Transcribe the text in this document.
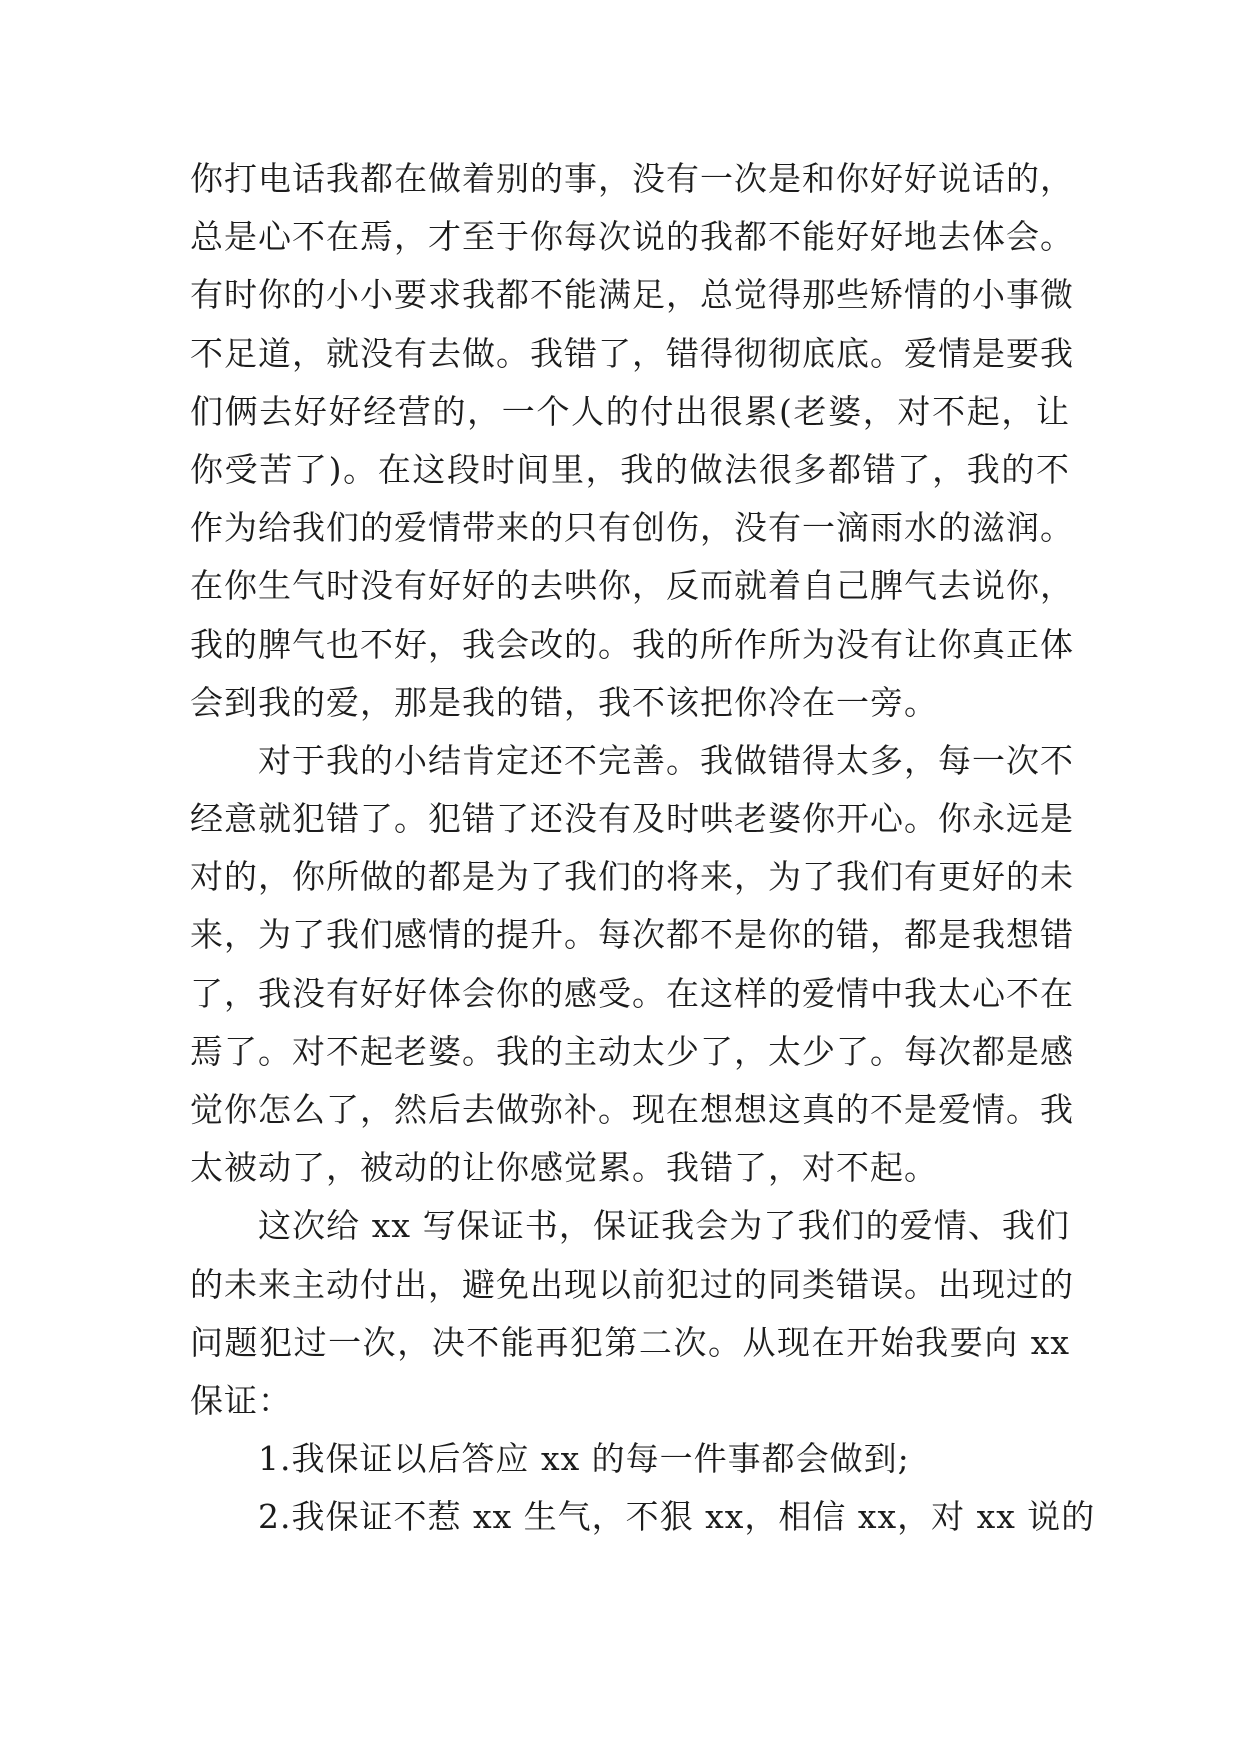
你打电话我都在做着别的事，没有一次是和你好好说话的，
总是心不在焉，才至于你每次说的我都不能好好地去体会。
有时你的小小要求我都不能满足，总觉得那些矫情的小事微
不足道，就没有去做。我错了，错得彻彻底底。爱情是要我
们俩去好好经营的，一个人的付出很累(老婆，对不起，让
你受苦了)。在这段时间里，我的做法很多都错了，我的不
作为给我们的爱情带来的只有创伤，没有一滴雨水的滋润。
在你生气时没有好好的去哄你，反而就着自己脾气去说你，
我的脾气也不好，我会改的。我的所作所为没有让你真正体
会到我的爱，那是我的错，我不该把你冷在一旁。
对于我的小结肯定还不完善。我做错得太多，每一次不
经意就犯错了。犯错了还没有及时哄老婆你开心。你永远是
对的，你所做的都是为了我们的将来，为了我们有更好的未
来，为了我们感情的提升。每次都不是你的错，都是我想错
了，我没有好好体会你的感受。在这样的爱情中我太心不在
焉了。对不起老婆。我的主动太少了，太少了。每次都是感
觉你怎么了，然后去做弥补。现在想想这真的不是爱情。我
太被动了，被动的让你感觉累。我错了，对不起。
这次给 xx 写保证书，保证我会为了我们的爱情、我们
的未来主动付出，避免出现以前犯过的同类错误。出现过的
问题犯过一次，决不能再犯第二次。从现在开始我要向 xx
保证：
1.我保证以后答应 xx 的每一件事都会做到;
2.我保证不惹 xx 生气，不狠 xx，相信 xx，对 xx 说的
